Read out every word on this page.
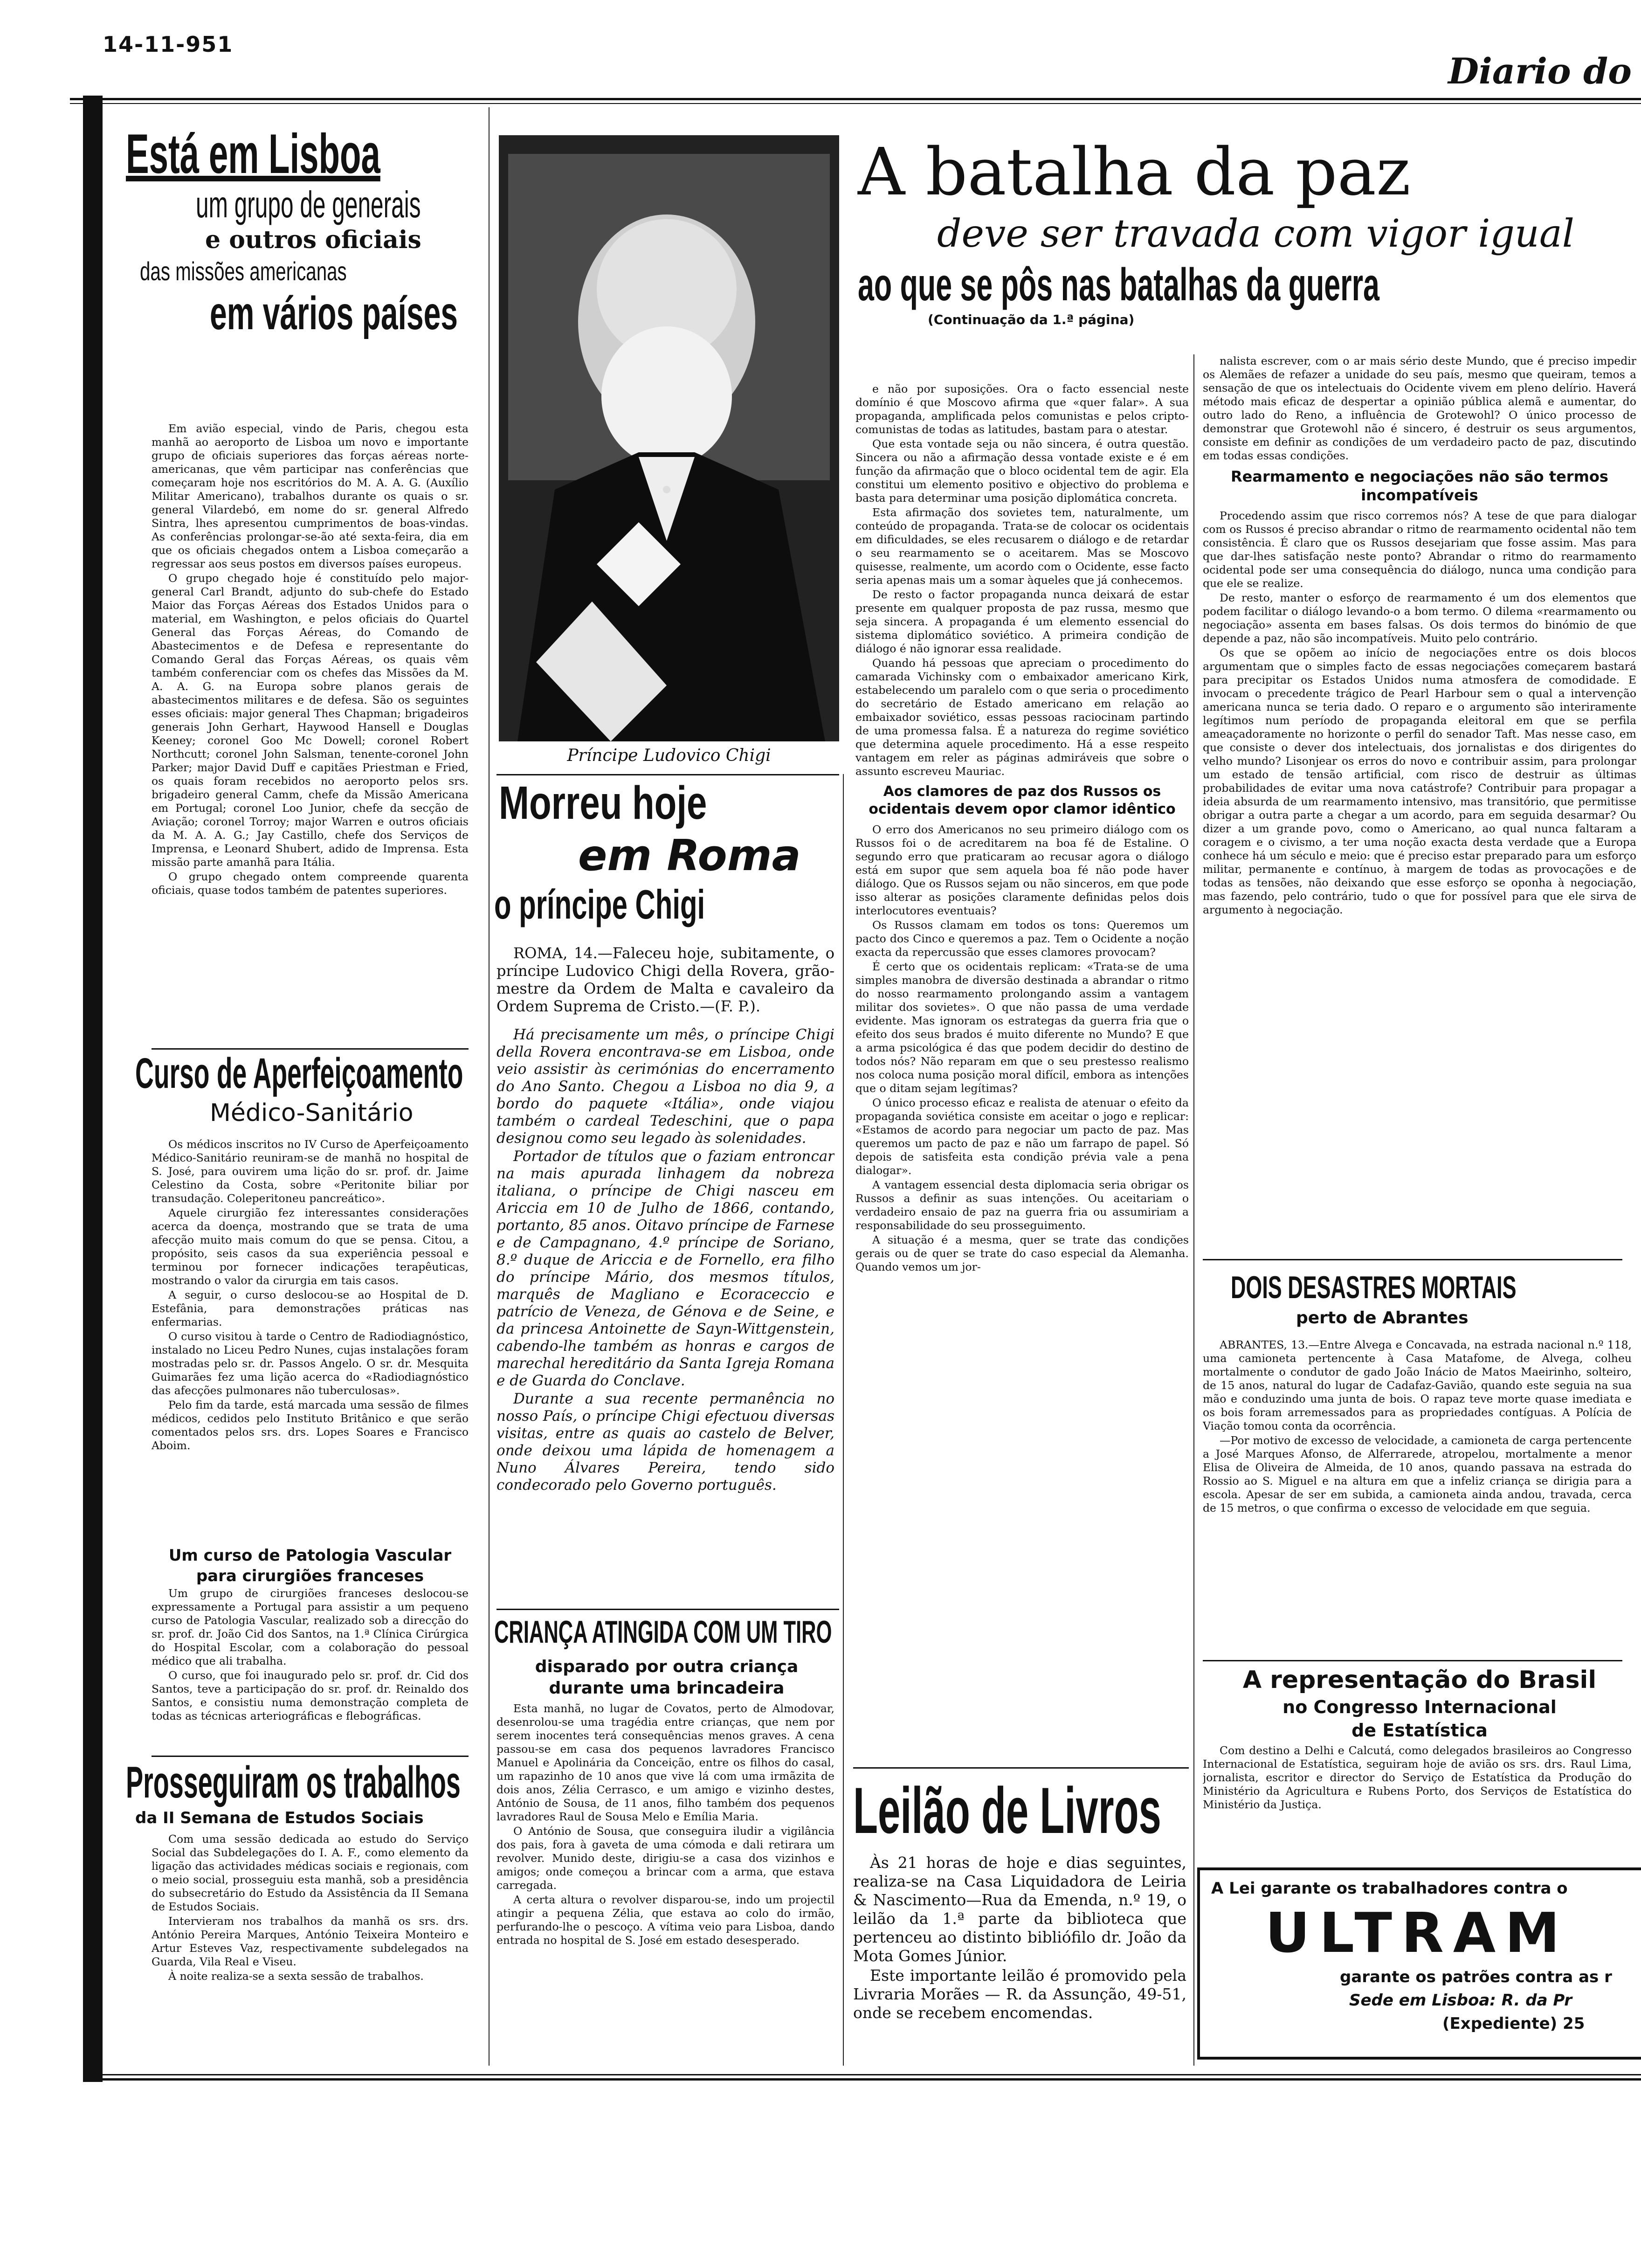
14-11-951
Diario do
Está em Lisboa
um grupo de generais
e outros oficiais
das missões americanas
em vários países

Em avião especial, vindo de Paris, chegou esta manhã ao aeroporto de Lisboa um novo e importante grupo de oficiais superiores das forças aéreas norte-americanas, que vêm participar nas conferências que começaram hoje nos escritórios do M. A. A. G. (Auxílio Militar Americano), trabalhos durante os quais o sr. general Vilardebó, em nome do sr. general Alfredo Sintra, lhes apresentou cumprimentos de boas-vindas. As conferências prolongar-se-ão até sexta-feira, dia em que os oficiais chegados ontem a Lisboa começarão a regressar aos seus postos em diversos países europeus.

O grupo chegado hoje é constituído pelo major-general Carl Brandt, adjunto do sub-chefe do Estado Maior das Forças Aéreas dos Estados Unidos para o material, em Washington, e pelos oficiais do Quartel General das Forças Aéreas, do Comando de Abastecimentos e de Defesa e representante do Comando Geral das Forças Aéreas, os quais vêm também conferenciar com os chefes das Missões da M. A. A. G. na Europa sobre planos gerais de abastecimentos militares e de defesa. São os seguintes esses oficiais: major general Thes Chapman; brigadeiros generais John Gerhart, Haywood Hansell e Douglas Keeney; coronel Goo Mc Dowell; coronel Robert Northcutt; coronel John Salsman, tenente-coronel John Parker; major David Duff e capitães Priestman e Fried, os quais foram recebidos no aeroporto pelos srs. brigadeiro general Camm, chefe da Missão Americana em Portugal; coronel Loo Junior, chefe da secção de Aviação; coronel Torroy; major Warren e outros oficiais da M. A. A. G.; Jay Castillo, chefe dos Serviços de Imprensa, e Leonard Shubert, adido de Imprensa. Esta missão parte amanhã para Itália.

O grupo chegado ontem compreende quarenta oficiais, quase todos também de patentes superiores.

Curso de Aperfeiçoamento
Médico-Sanitário

Os médicos inscritos no IV Curso de Aperfeiçoamento Médico-Sanitário reuniram-se de manhã no hospital de S. José, para ouvirem uma lição do sr. prof. dr. Jaime Celestino da Costa, sobre «Peritonite biliar por transudação. Coleperitoneu pancreático».

Aquele cirurgião fez interessantes considerações acerca da doença, mostrando que se trata de uma afecção muito mais comum do que se pensa. Citou, a propósito, seis casos da sua experiência pessoal e terminou por fornecer indicações terapêuticas, mostrando o valor da cirurgia em tais casos.

A seguir, o curso deslocou-se ao Hospital de D. Estefânia, para demonstrações práticas nas enfermarias.

O curso visitou à tarde o Centro de Radiodiagnóstico, instalado no Liceu Pedro Nunes, cujas instalações foram mostradas pelo sr. dr. Passos Angelo. O sr. dr. Mesquita Guimarães fez uma lição acerca do «Radiodiagnóstico das afecções pulmonares não tuberculosas».

Pelo fim da tarde, está marcada uma sessão de filmes médicos, cedidos pelo Instituto Britânico e que serão comentados pelos srs. drs. Lopes Soares e Francisco Aboim.

Um curso de Patologia Vascular

para cirurgiões franceses

Um grupo de cirurgiões franceses deslocou-se expressamente a Portugal para assistir a um pequeno curso de Patologia Vascular, realizado sob a direcção do sr. prof. dr. João Cid dos Santos, na 1.ª Clínica Cirúrgica do Hospital Escolar, com a colaboração do pessoal médico que ali trabalha.

O curso, que foi inaugurado pelo sr. prof. dr. Cid dos Santos, teve a participação do sr. prof. dr. Reinaldo dos Santos, e consistiu numa demonstração completa de todas as técnicas arteriográficas e flebográficas.

Prosseguiram os trabalhos
da II Semana de Estudos Sociais

Com uma sessão dedicada ao estudo do Serviço Social das Subdelegações do I. A. F., como elemento da ligação das actividades médicas sociais e regionais, com o meio social, prosseguiu esta manhã, sob a presidência do subsecretário do Estudo da Assistência da II Semana de Estudos Sociais.

Intervieram nos trabalhos da manhã os srs. drs. António Pereira Marques, António Teixeira Monteiro e Artur Esteves Vaz, respectivamente subdelegados na Guarda, Vila Real e Viseu.

À noite realiza-se a sexta sessão de trabalhos.

Príncipe Ludovico Chigi
Morreu hoje
em Roma
o príncipe Chigi

ROMA, 14.—Faleceu hoje, subitamente, o príncipe Ludovico Chigi della Rovera, grão-mestre da Ordem de Malta e cavaleiro da Ordem Suprema de Cristo.—(F. P.).

Há precisamente um mês, o príncipe Chigi della Rovera encontrava-se em Lisboa, onde veio assistir às cerimónias do encerramento do Ano Santo. Chegou a Lisboa no dia 9, a bordo do paquete «Itália», onde viajou também o cardeal Tedeschini, que o papa designou como seu legado às solenidades.

Portador de títulos que o faziam entroncar na mais apurada linhagem da nobreza italiana, o príncipe de Chigi nasceu em Ariccia em 10 de Julho de 1866, contando, portanto, 85 anos. Oitavo príncipe de Farnese e de Campagnano, 4.º príncipe de Soriano, 8.º duque de Ariccia e de Fornello, era filho do príncipe Mário, dos mesmos títulos, marquês de Magliano e Ecoraceccio e patrício de Veneza, de Génova e de Seine, e da princesa Antoinette de Sayn-Wittgenstein, cabendo-lhe também as honras e cargos de marechal hereditário da Santa Igreja Romana e de Guarda do Conclave.

Durante a sua recente permanência no nosso País, o príncipe Chigi efectuou diversas visitas, entre as quais ao castelo de Belver, onde deixou uma lápida de homenagem a Nuno Álvares Pereira, tendo sido condecorado pelo Governo português.

CRIANÇA ATINGIDA COM UM TIRO
disparado por outra criança durante uma brincadeira

Esta manhã, no lugar de Covatos, perto de Almodovar, desenrolou-se uma tragédia entre crianças, que nem por serem inocentes terá consequências menos graves. A cena passou-se em casa dos pequenos lavradores Francisco Manuel e Apolinária da Conceição, entre os filhos do casal, um rapazinho de 10 anos que vive lá com uma irmãzita de dois anos, Zélia Cerrasco, e um amigo e vizinho destes, António de Sousa, de 11 anos, filho também dos pequenos lavradores Raul de Sousa Melo e Emília Maria.

O António de Sousa, que conseguira iludir a vigilância dos pais, fora à gaveta de uma cómoda e dali retirara um revolver. Munido deste, dirigiu-se a casa dos vizinhos e amigos; onde começou a brincar com a arma, que estava carregada.

A certa altura o revolver disparou-se, indo um projectil atingir a pequena Zélia, que estava ao colo do irmão, perfurando-lhe o pescoço. A vítima veio para Lisboa, dando entrada no hospital de S. José em estado desesperado.

A batalha da paz
deve ser travada com vigor igual
ao que se pôs nas batalhas da guerra
(Continuação da 1.ª página)

e não por suposições. Ora o facto essencial neste domínio é que Moscovo afirma que «quer falar». A sua propaganda, amplificada pelos comunistas e pelos cripto-comunistas de todas as latitudes, bastam para o atestar.

Que esta vontade seja ou não sincera, é outra questão. Sincera ou não a afirmação dessa vontade existe e é em função da afirmação que o bloco ocidental tem de agir. Ela constitui um elemento positivo e objectivo do problema e basta para determinar uma posição diplomática concreta.

Esta afirmação dos sovietes tem, naturalmente, um conteúdo de propaganda. Trata-se de colocar os ocidentais em dificuldades, se eles recusarem o diálogo e de retardar o seu rearmamento se o aceitarem. Mas se Moscovo quisesse, realmente, um acordo com o Ocidente, esse facto seria apenas mais um a somar àqueles que já conhecemos.

De resto o factor propaganda nunca deixará de estar presente em qualquer proposta de paz russa, mesmo que seja sincera. A propaganda é um elemento essencial do sistema diplomático soviético. A primeira condição de diálogo é não ignorar essa realidade.

Quando há pessoas que apreciam o procedimento do camarada Vichinsky com o embaixador americano Kirk, estabelecendo um paralelo com o que seria o procedimento do secretário de Estado americano em relação ao embaixador soviético, essas pessoas raciocinam partindo de uma promessa falsa. É a natureza do regime soviético que determina aquele procedimento. Há a esse respeito vantagem em reler as páginas admiráveis que sobre o assunto escreveu Mauriac.

Aos clamores de paz dos Russos os ocidentais devem opor clamor idêntico

O erro dos Americanos no seu primeiro diálogo com os Russos foi o de acreditarem na boa fé de Estaline. O segundo erro que praticaram ao recusar agora o diálogo está em supor que sem aquela boa fé não pode haver diálogo. Que os Russos sejam ou não sinceros, em que pode isso alterar as posições claramente definidas pelos dois interlocutores eventuais?

Os Russos clamam em todos os tons: Queremos um pacto dos Cinco e queremos a paz. Tem o Ocidente a noção exacta da repercussão que esses clamores provocam?

É certo que os ocidentais replicam: «Trata-se de uma simples manobra de diversão destinada a abrandar o ritmo do nosso rearmamento prolongando assim a vantagem militar dos sovietes». O que não passa de uma verdade evidente. Mas ignoram os estrategas da guerra fria que o efeito dos seus brados é muito diferente no Mundo? E que a arma psicológica é das que podem decidir do destino de todos nós? Não reparam em que o seu prestesso realismo nos coloca numa posição moral difícil, embora as intenções que o ditam sejam legítimas?

O único processo eficaz e realista de atenuar o efeito da propaganda soviética consiste em aceitar o jogo e replicar: «Estamos de acordo para negociar um pacto de paz. Mas queremos um pacto de paz e não um farrapo de papel. Só depois de satisfeita esta condição prévia vale a pena dialogar».

A vantagem essencial desta diplomacia seria obrigar os Russos a definir as suas intenções. Ou aceitariam o verdadeiro ensaio de paz na guerra fria ou assumiriam a responsabilidade do seu prosseguimento.

A situação é a mesma, quer se trate das condições gerais ou de quer se trate do caso especial da Alemanha. Quando vemos um jor-

Leilão de Livros

Às 21 horas de hoje e dias seguintes, realiza-se na Casa Liquidadora de Leiria & Nascimento—Rua da Emenda, n.º 19, o leilão da 1.ª parte da biblioteca que pertenceu ao distinto bibliófilo dr. João da Mota Gomes Júnior.

Este importante leilão é promovido pela Livraria Morães — R. da Assunção, 49-51, onde se recebem encomendas.

nalista escrever, com o ar mais sério deste Mundo, que é preciso impedir os Alemães de refazer a unidade do seu país, mesmo que queiram, temos a sensação de que os intelectuais do Ocidente vivem em pleno delírio. Haverá método mais eficaz de despertar a opinião pública alemã e aumentar, do outro lado do Reno, a influência de Grotewohl? O único processo de demonstrar que Grotewohl não é sincero, é destruir os seus argumentos, consiste em definir as condições de um verdadeiro pacto de paz, discutindo em todas essas condições.

Rearmamento e negociações não são termos incompatíveis

Procedendo assim que risco corremos nós? A tese de que para dialogar com os Russos é preciso abrandar o ritmo de rearmamento ocidental não tem consistência. É claro que os Russos desejariam que fosse assim. Mas para que dar-lhes satisfação neste ponto? Abrandar o ritmo do rearmamento ocidental pode ser uma consequência do diálogo, nunca uma condição para que ele se realize.

De resto, manter o esforço de rearmamento é um dos elementos que podem facilitar o diálogo levando-o a bom termo. O dilema «rearmamento ou negociação» assenta em bases falsas. Os dois termos do binómio de que depende a paz, não são incompatíveis. Muito pelo contrário.

Os que se opõem ao início de negociações entre os dois blocos argumentam que o simples facto de essas negociações começarem bastará para precipitar os Estados Unidos numa atmosfera de comodidade. E invocam o precedente trágico de Pearl Harbour sem o qual a intervenção americana nunca se teria dado. O reparo e o argumento são interiramente legítimos num período de propaganda eleitoral em que se perfila ameaçadoramente no horizonte o perfil do senador Taft. Mas nesse caso, em que consiste o dever dos intelectuais, dos jornalistas e dos dirigentes do velho mundo? Lisonjear os erros do novo e contribuir assim, para prolongar um estado de tensão artificial, com risco de destruir as últimas probabilidades de evitar uma nova catástrofe? Contribuir para propagar a ideia absurda de um rearmamento intensivo, mas transitório, que permitisse obrigar a outra parte a chegar a um acordo, para em seguida desarmar? Ou dizer a um grande povo, como o Americano, ao qual nunca faltaram a coragem e o civismo, a ter uma noção exacta desta verdade que a Europa conhece há um século e meio: que é preciso estar preparado para um esforço militar, permanente e contínuo, à margem de todas as provocações e de todas as tensões, não deixando que esse esforço se oponha à negociação, mas fazendo, pelo contrário, tudo o que for possível para que ele sirva de argumento à negociação.

DOIS DESASTRES MORTAIS
perto de Abrantes

ABRANTES, 13.—Entre Alvega e Concavada, na estrada nacional n.º 118, uma camioneta pertencente à Casa Matafome, de Alvega, colheu mortalmente o condutor de gado João Inácio de Matos Maeirinho, solteiro, de 15 anos, natural do lugar de Cadafaz-Gavião, quando este seguia na sua mão e conduzindo uma junta de bois. O rapaz teve morte quase imediata e os bois foram arremessados para as propriedades contíguas. A Polícia de Viação tomou conta da ocorrência.

—Por motivo de excesso de velocidade, a camioneta de carga pertencente a José Marques Afonso, de Alferrarede, atropelou, mortalmente a menor Elisa de Oliveira de Almeida, de 10 anos, quando passava na estrada do Rossio ao S. Miguel e na altura em que a infeliz criança se dirigia para a escola. Apesar de ser em subida, a camioneta ainda andou, travada, cerca de 15 metros, o que confirma o excesso de velocidade em que seguia.

A representação do Brasil
no Congresso Internacional
de Estatística

Com destino a Delhi e Calcutá, como delegados brasileiros ao Congresso Internacional de Estatística, seguiram hoje de avião os srs. drs. Raul Lima, jornalista, escritor e director do Serviço de Estatística da Produção do Ministério da Agricultura e Rubens Porto, dos Serviços de Estatística do Ministério da Justiça.

A Lei garante os trabalhadores contra o
ULTRAM
garante os patrões contra as r
Sede em Lisboa: R. da Pr
(Expediente) 25
